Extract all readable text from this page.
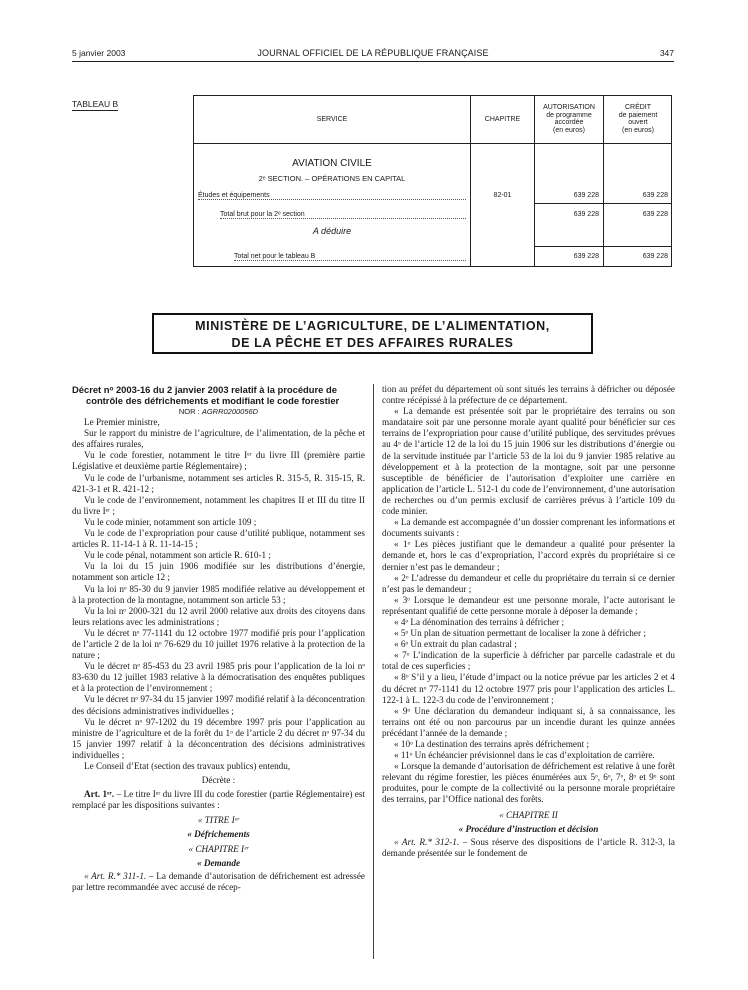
5 janvier 2003	JOURNAL OFFICIEL DE LA RÉPUBLIQUE FRANÇAISE	347
TABLEAU B
SERVICE	CHAPITRE
AUTORISATION
de programme
accordée
(en euros)
CRÉDIT
de paiement
ouvert
(en euros)
AVIATION CIVILE
2ᵉ SECTION. – OPÉRATIONS EN CAPITAL
Études et équipements	82-01	639 228	639 228
Total brut pour la 2ᵉ section	639 228	639 228
A déduire
Total net pour le tableau B	639 228	639 228
MINISTÈRE DE L’AGRICULTURE, DE L’ALIMENTATION,
DE LA PÊCHE ET DES AFFAIRES RURALES

Décret nᵒ 2003-16 du 2 janvier 2003 relatif à la procédure de contrôle des défrichements et modifiant le code forestier

NOR : AGRR0200056D

Le Premier ministre,

Sur le rapport du ministre de l’agriculture, de l’alimentation, de la pêche et des affaires rurales,

Vu le code forestier, notamment le titre Iᵉʳ du livre III (première partie Législative et deuxième partie Réglementaire) ;

Vu le code de l’urbanisme, notamment ses articles R. 315-5, R. 315-15, R. 421-3-1 et R. 421-12 ;

Vu le code de l’environnement, notamment les chapitres II et III du titre II du livre Iᵉʳ ;

Vu le code minier, notamment son article 109 ;

Vu le code de l’expropriation pour cause d’utilité publique, notamment ses articles R. 11-14-1 à R. 11-14-15 ;

Vu le code pénal, notamment son article R. 610-1 ;

Vu la loi du 15 juin 1906 modifiée sur les distributions d’énergie, notamment son article 12 ;

Vu la loi nᵒ 85-30 du 9 janvier 1985 modifiée relative au développement et à la protection de la montagne, notamment son article 53 ;

Vu la loi nᵒ 2000-321 du 12 avril 2000 relative aux droits des citoyens dans leurs relations avec les administrations ;

Vu le décret nᵒ 77-1141 du 12 octobre 1977 modifié pris pour l’application de l’article 2 de la loi nᵒ 76-629 du 10 juillet 1976 relative à la protection de la nature ;

Vu le décret nᵒ 85-453 du 23 avril 1985 pris pour l’application de la loi nᵒ 83-630 du 12 juillet 1983 relative à la démocratisation des enquêtes publiques et à la protection de l’environnement ;

Vu le décret nᵒ 97-34 du 15 janvier 1997 modifié relatif à la déconcentration des décisions administratives individuelles ;

Vu le décret nᵒ 97-1202 du 19 décembre 1997 pris pour l’application au ministre de l’agriculture et de la forêt du 1ᵒ de l’article 2 du décret nᵒ 97-34 du 15 janvier 1997 relatif à la déconcentration des décisions administratives individuelles ;

Le Conseil d’Etat (section des travaux publics) entendu,

Décrète :

Art. 1ᵉʳ. – Le titre Iᵉʳ du livre III du code forestier (partie Réglementaire) est remplacé par les dispositions suivantes :

« TITRE Iᵉʳ

« Défrichements

« CHAPITRE Iᵉʳ

« Demande

« Art. R.* 311-1. – La demande d’autorisation de défrichement est adressée par lettre recommandée avec accusé de récep-

tion au préfet du département où sont situés les terrains à défricher ou déposée contre récépissé à la préfecture de ce département.

« La demande est présentée soit par le propriétaire des terrains ou son mandataire soit par une personne morale ayant qualité pour bénéficier sur ces terrains de l’expropriation pour cause d’utilité publique, des servitudes prévues au 4ᵒ de l’article 12 de la loi du 15 juin 1906 sur les distributions d’énergie ou de la servitude instituée par l’article 53 de la loi du 9 janvier 1985 relative au développement et à la protection de la montagne, soit par une personne susceptible de bénéficier de l’autorisation d’exploiter une carrière en application de l’article L. 512-1 du code de l’environnement, d’une autorisation de recherches ou d’un permis exclusif de carrières prévus à l’article 109 du code minier.

« La demande est accompagnée d’un dossier comprenant les informations et documents suivants :

« 1ᵒ Les pièces justifiant que le demandeur a qualité pour présenter la demande et, hors le cas d’expropriation, l’accord exprès du propriétaire si ce dernier n’est pas le demandeur ;

« 2ᵒ L’adresse du demandeur et celle du propriétaire du terrain si ce dernier n’est pas le demandeur ;

« 3ᵒ Lorsque le demandeur est une personne morale, l’acte autorisant le représentant qualifié de cette personne morale à déposer la demande ;

« 4ᵒ La dénomination des terrains à défricher ;

« 5ᵒ Un plan de situation permettant de localiser la zone à défricher ;

« 6ᵒ Un extrait du plan cadastral ;

« 7ᵒ L’indication de la superficie à défricher par parcelle cadastrale et du total de ces superficies ;

« 8ᵒ S’il y a lieu, l’étude d’impact ou la notice prévue par les articles 2 et 4 du décret nᵒ 77-1141 du 12 octobre 1977 pris pour l’application des articles L. 122-1 à L. 122-3 du code de l’environnement ;

« 9ᵒ Une déclaration du demandeur indiquant si, à sa connaissance, les terrains ont été ou non parcourus par un incendie durant les quinze années précédant l’année de la demande ;

« 10ᵒ La destination des terrains après défrichement ;

« 11ᵒ Un échéancier prévisionnel dans le cas d’exploitation de carrière.

« Lorsque la demande d’autorisation de défrichement est relative à une forêt relevant du régime forestier, les pièces énumérées aux 5ᵒ, 6ᵒ, 7ᵒ, 8ᵒ et 9ᵒ sont produites, pour le compte de la collectivité ou la personne morale propriétaire des terrains, par l’Office national des forêts.

« CHAPITRE II

« Procédure d’instruction et décision

« Art. R.* 312-1. – Sous réserve des dispositions de l’article R. 312-3, la demande présentée sur le fondement de
